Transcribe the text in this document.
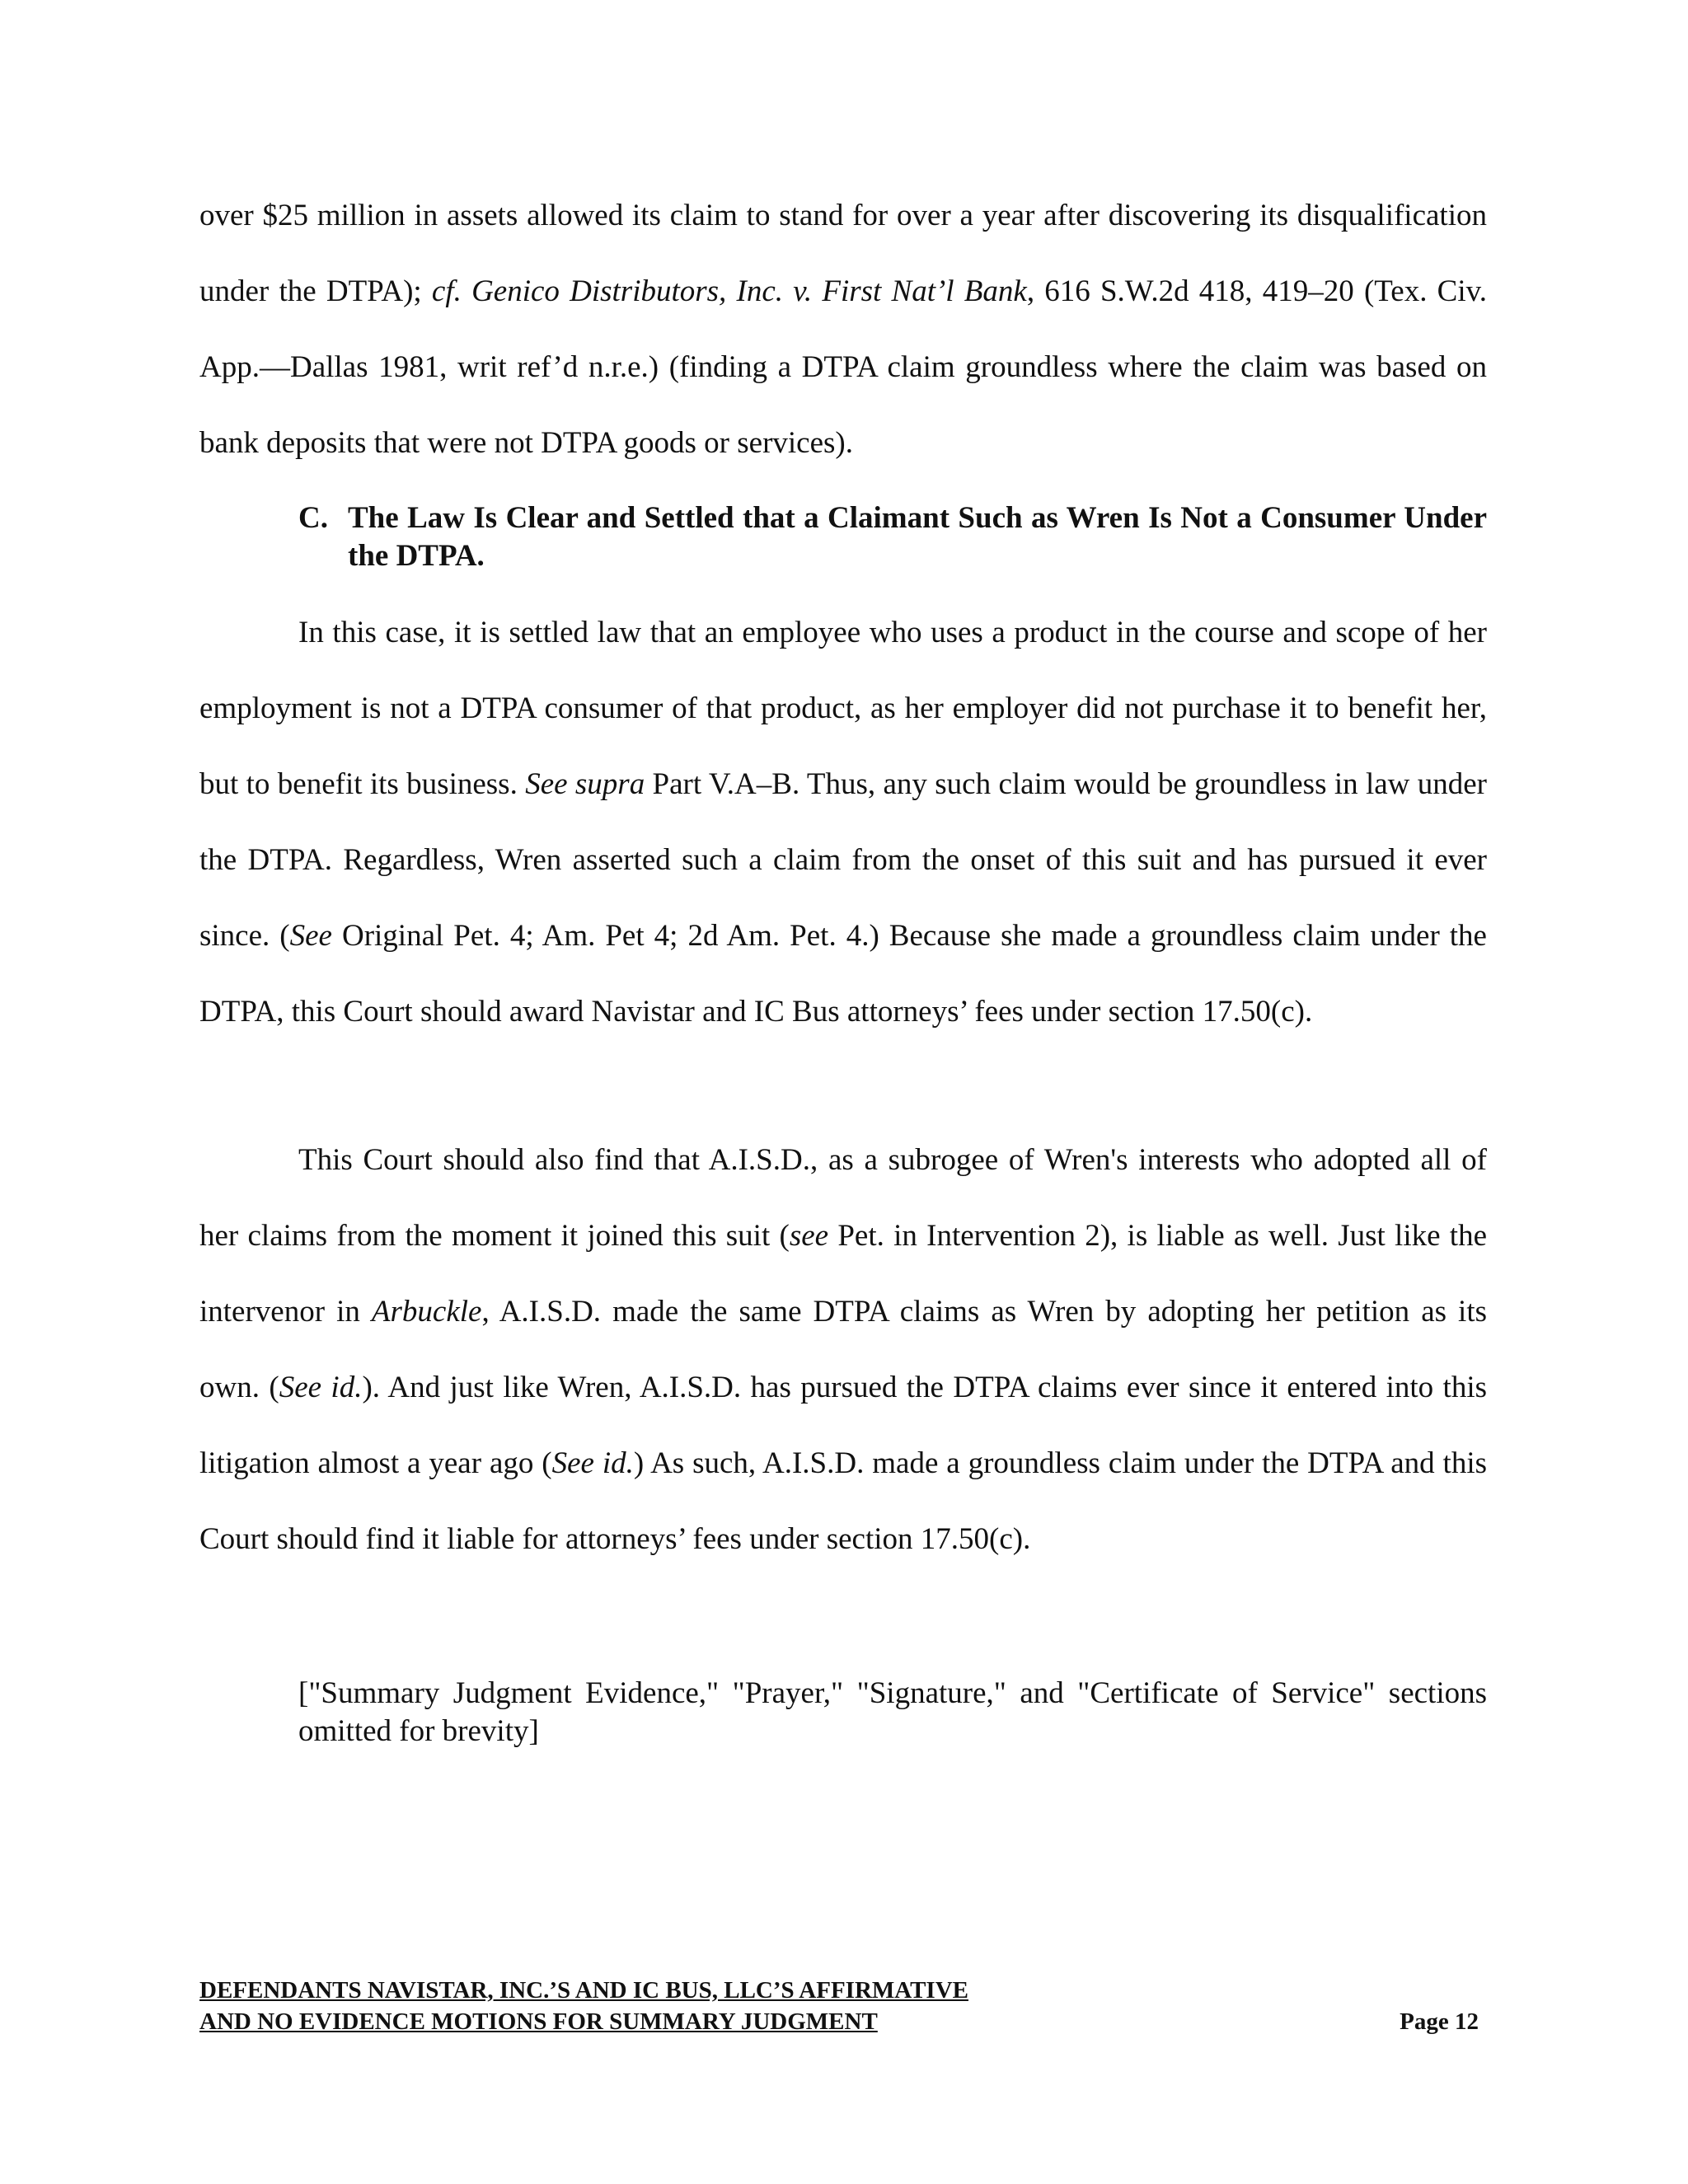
over $25 million in assets allowed its claim to stand for over a year after discovering its disqualification under the DTPA); cf. Genico Distributors, Inc. v. First Nat’l Bank, 616 S.W.2d 418, 419–20 (Tex. Civ. App.—Dallas 1981, writ ref’d n.r.e.) (finding a DTPA claim groundless where the claim was based on bank deposits that were not DTPA goods or services).

C. The Law Is Clear and Settled that a Claimant Such as Wren Is Not a Consumer Under the DTPA.

In this case, it is settled law that an employee who uses a product in the course and scope of her employment is not a DTPA consumer of that product, as her employer did not purchase it to benefit her, but to benefit its business. See supra Part V.A–B. Thus, any such claim would be groundless in law under the DTPA. Regardless, Wren asserted such a claim from the onset of this suit and has pursued it ever since. (See Original Pet. 4; Am. Pet 4; 2d Am. Pet. 4.) Because she made a groundless claim under the DTPA, this Court should award Navistar and IC Bus attorneys’ fees under section 17.50(c).

This Court should also find that A.I.S.D., as a subrogee of Wren's interests who adopted all of her claims from the moment it joined this suit (see Pet. in Intervention 2), is liable as well. Just like the intervenor in Arbuckle, A.I.S.D. made the same DTPA claims as Wren by adopting her petition as its own. (See id.). And just like Wren, A.I.S.D. has pursued the DTPA claims ever since it entered into this litigation almost a year ago (See id.) As such, A.I.S.D. made a groundless claim under the DTPA and this Court should find it liable for attorneys’ fees under section 17.50(c).

["Summary Judgment Evidence," "Prayer," "Signature," and "Certificate of Service" sections omitted for brevity]

DEFENDANTS NAVISTAR, INC.’S AND IC BUS, LLC’S AFFIRMATIVE
AND NO EVIDENCE MOTIONS FOR SUMMARY JUDGMENT	Page 12
